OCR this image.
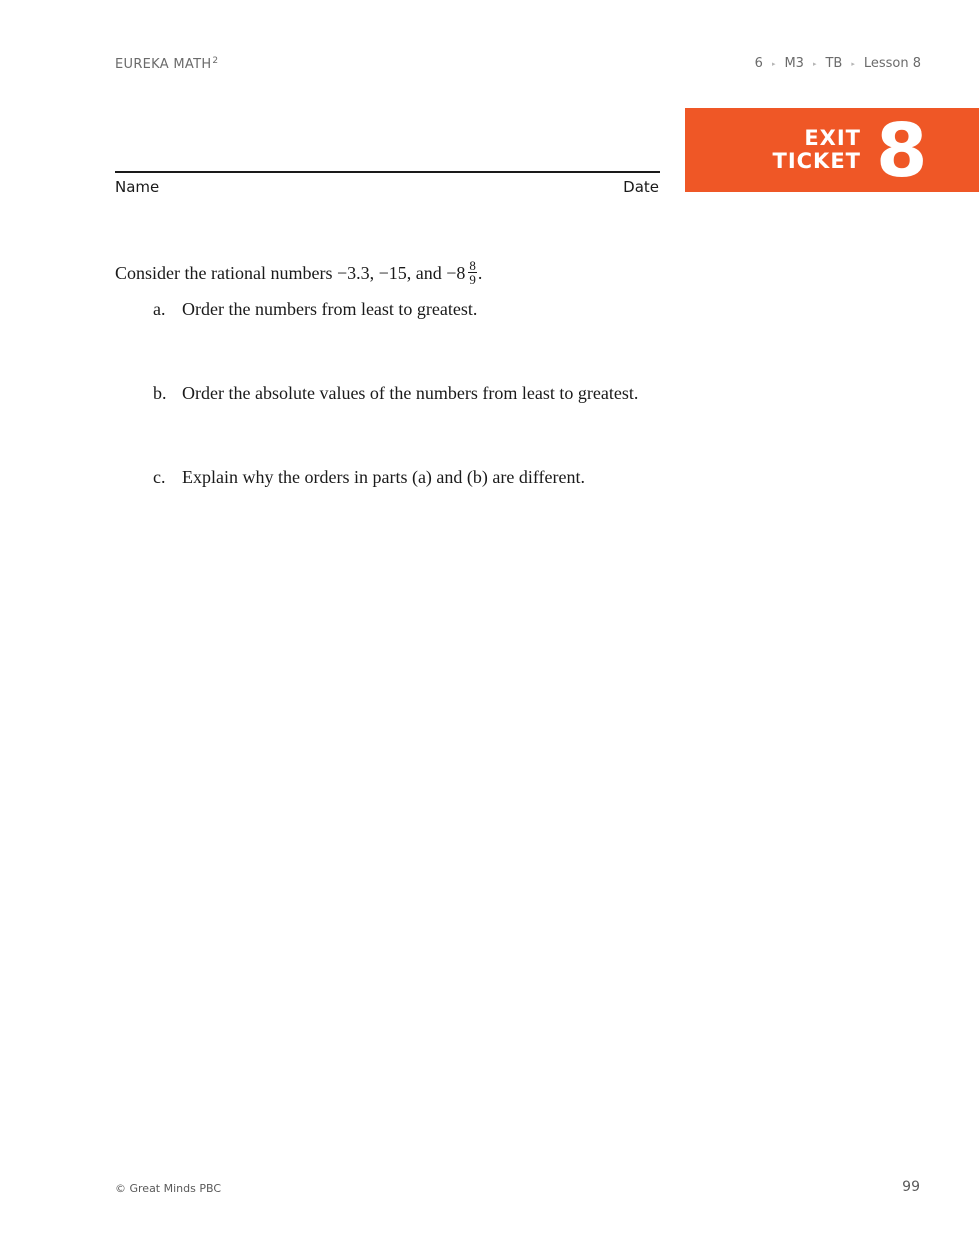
EUREKA MATH$^2$	6 ▸ M3 ▸ TB ▸ Lesson 8
EXIT
TICKET 8
Name	Date
Consider the rational numbers −3.3, −15, and $-8 \frac{8}{9}$ .
a. Order the numbers from least to greatest.
b. Order the absolute values of the numbers from least to greatest.
c. Explain why the orders in parts (a) and (b) are different.
© Great Minds PBC	99
